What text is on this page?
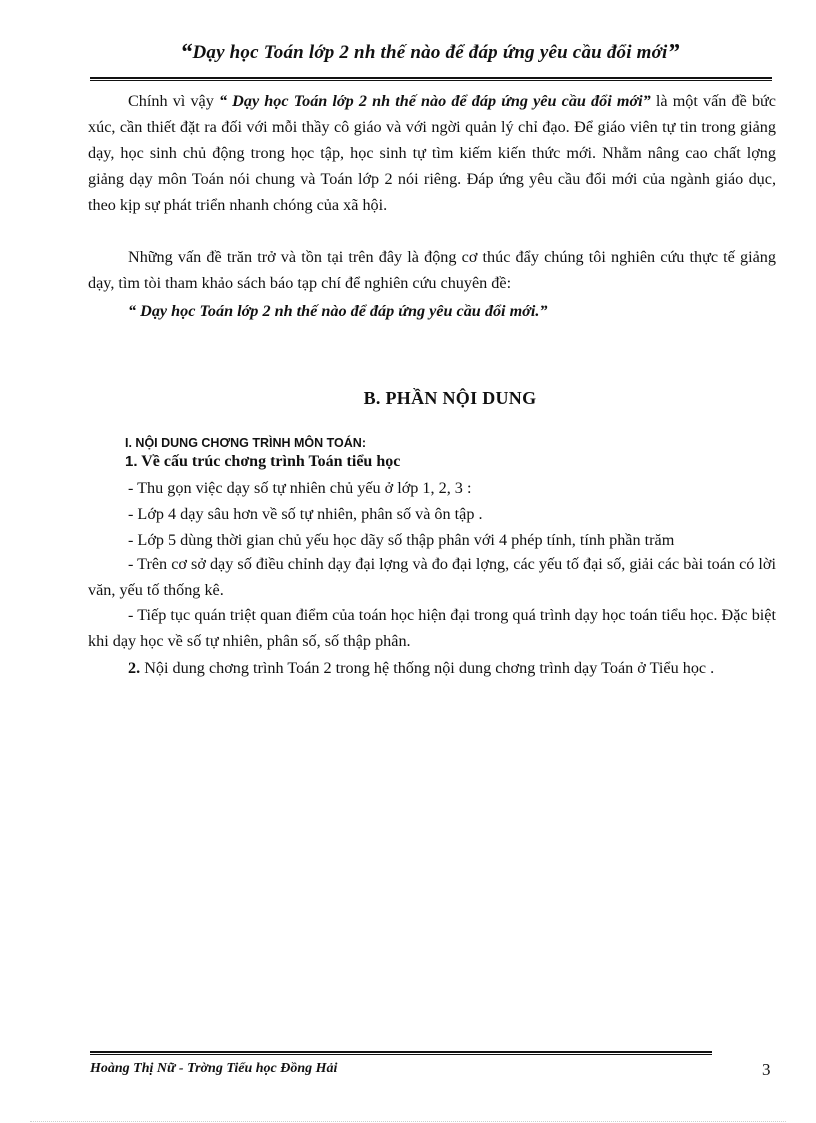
“Dạy học Toán lớp 2 nh thế nào để đáp ứng yêu cầu đổi mới”

Chính vì vậy “ Dạy học Toán lớp 2 nh thế nào để đáp ứng yêu cầu đổi mới” là một vấn đề bức xúc, cần thiết đặt ra đối với mỗi thầy cô giáo và với ngời quản lý chỉ đạo. Để giáo viên tự tin trong giảng dạy, học sinh chủ động trong học tập, học sinh tự tìm kiếm kiến thức mới. Nhằm nâng cao chất lợng giảng dạy môn Toán nói chung và Toán lớp 2 nói riêng. Đáp ứng yêu cầu đổi mới của ngành giáo dục, theo kịp sự phát triển nhanh chóng của xã hội.

Những vấn đề trăn trở và tồn tại trên đây là động cơ thúc đẩy chúng tôi nghiên cứu thực tế giảng dạy, tìm tòi tham khảo sách báo tạp chí để nghiên cứu chuyên đề:

“ Dạy học Toán lớp 2 nh thế nào để đáp ứng yêu cầu đổi mới.”

B. PHẦN NỘI DUNG
I. NỘI DUNG CHƠNG TRÌNH MÔN TOÁN:
1. Về cấu trúc chơng trình Toán tiểu học

- Thu gọn việc dạy số tự nhiên chủ yếu ở lớp 1, 2, 3 :

- Lớp 4 dạy sâu hơn về số tự nhiên, phân số và ôn tập .

- Lớp 5 dùng thời gian chủ yếu học dãy số thập phân với 4 phép tính, tính phần trăm

- Trên cơ sở dạy số điều chỉnh dạy đại lợng và đo đại lợng, các yếu tố đại số, giải các bài toán có lời văn, yếu tố thống kê.

- Tiếp tục quán triệt quan điểm của toán học hiện đại trong quá trình dạy học toán tiểu học. Đặc biệt khi dạy học về số tự nhiên, phân số, số thập phân.

2. Nội dung chơng trình Toán 2 trong hệ thống nội dung chơng trình dạy Toán ở Tiểu học .

Hoàng Thị Nữ - Trờng Tiểu học Đồng Hải	3
